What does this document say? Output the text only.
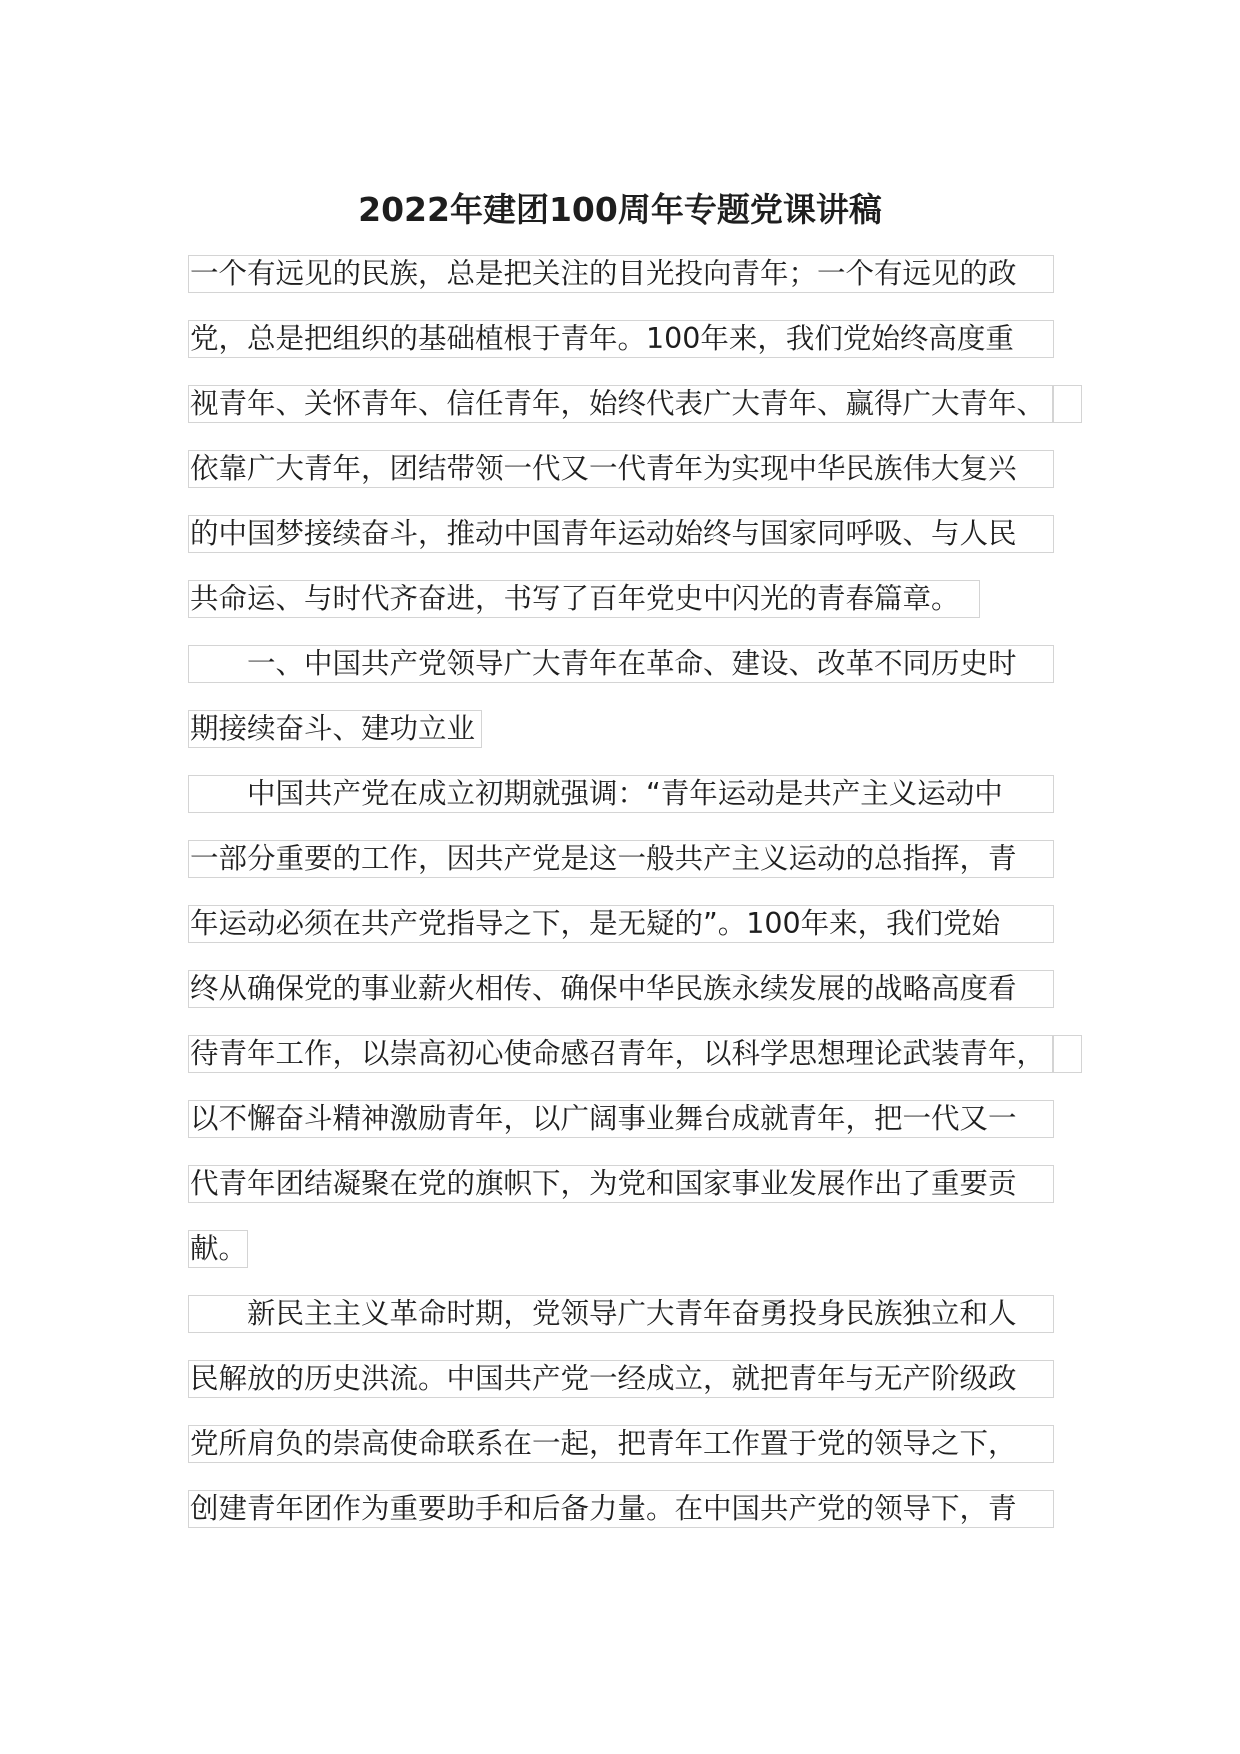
2022年建团100周年专题党课讲稿
一个有远见的民族，总是把关注的目光投向青年；一个有远见的政
党，总是把组织的基础植根于青年。100年来，我们党始终高度重
视青年、关怀青年、信任青年，始终代表广大青年、赢得广大青年、
依靠广大青年，团结带领一代又一代青年为实现中华民族伟大复兴
的中国梦接续奋斗，推动中国青年运动始终与国家同呼吸、与人民
共命运、与时代齐奋进，书写了百年党史中闪光的青春篇章。
一、中国共产党领导广大青年在革命、建设、改革不同历史时
期接续奋斗、建功立业
中国共产党在成立初期就强调：“青年运动是共产主义运动中
一部分重要的工作，因共产党是这一般共产主义运动的总指挥，青
年运动必须在共产党指导之下，是无疑的”。100年来，我们党始
终从确保党的事业薪火相传、确保中华民族永续发展的战略高度看
待青年工作，以崇高初心使命感召青年，以科学思想理论武装青年，
以不懈奋斗精神激励青年，以广阔事业舞台成就青年，把一代又一
代青年团结凝聚在党的旗帜下，为党和国家事业发展作出了重要贡
献。
新民主主义革命时期，党领导广大青年奋勇投身民族独立和人
民解放的历史洪流。中国共产党一经成立，就把青年与无产阶级政
党所肩负的崇高使命联系在一起，把青年工作置于党的领导之下，
创建青年团作为重要助手和后备力量。在中国共产党的领导下，青
